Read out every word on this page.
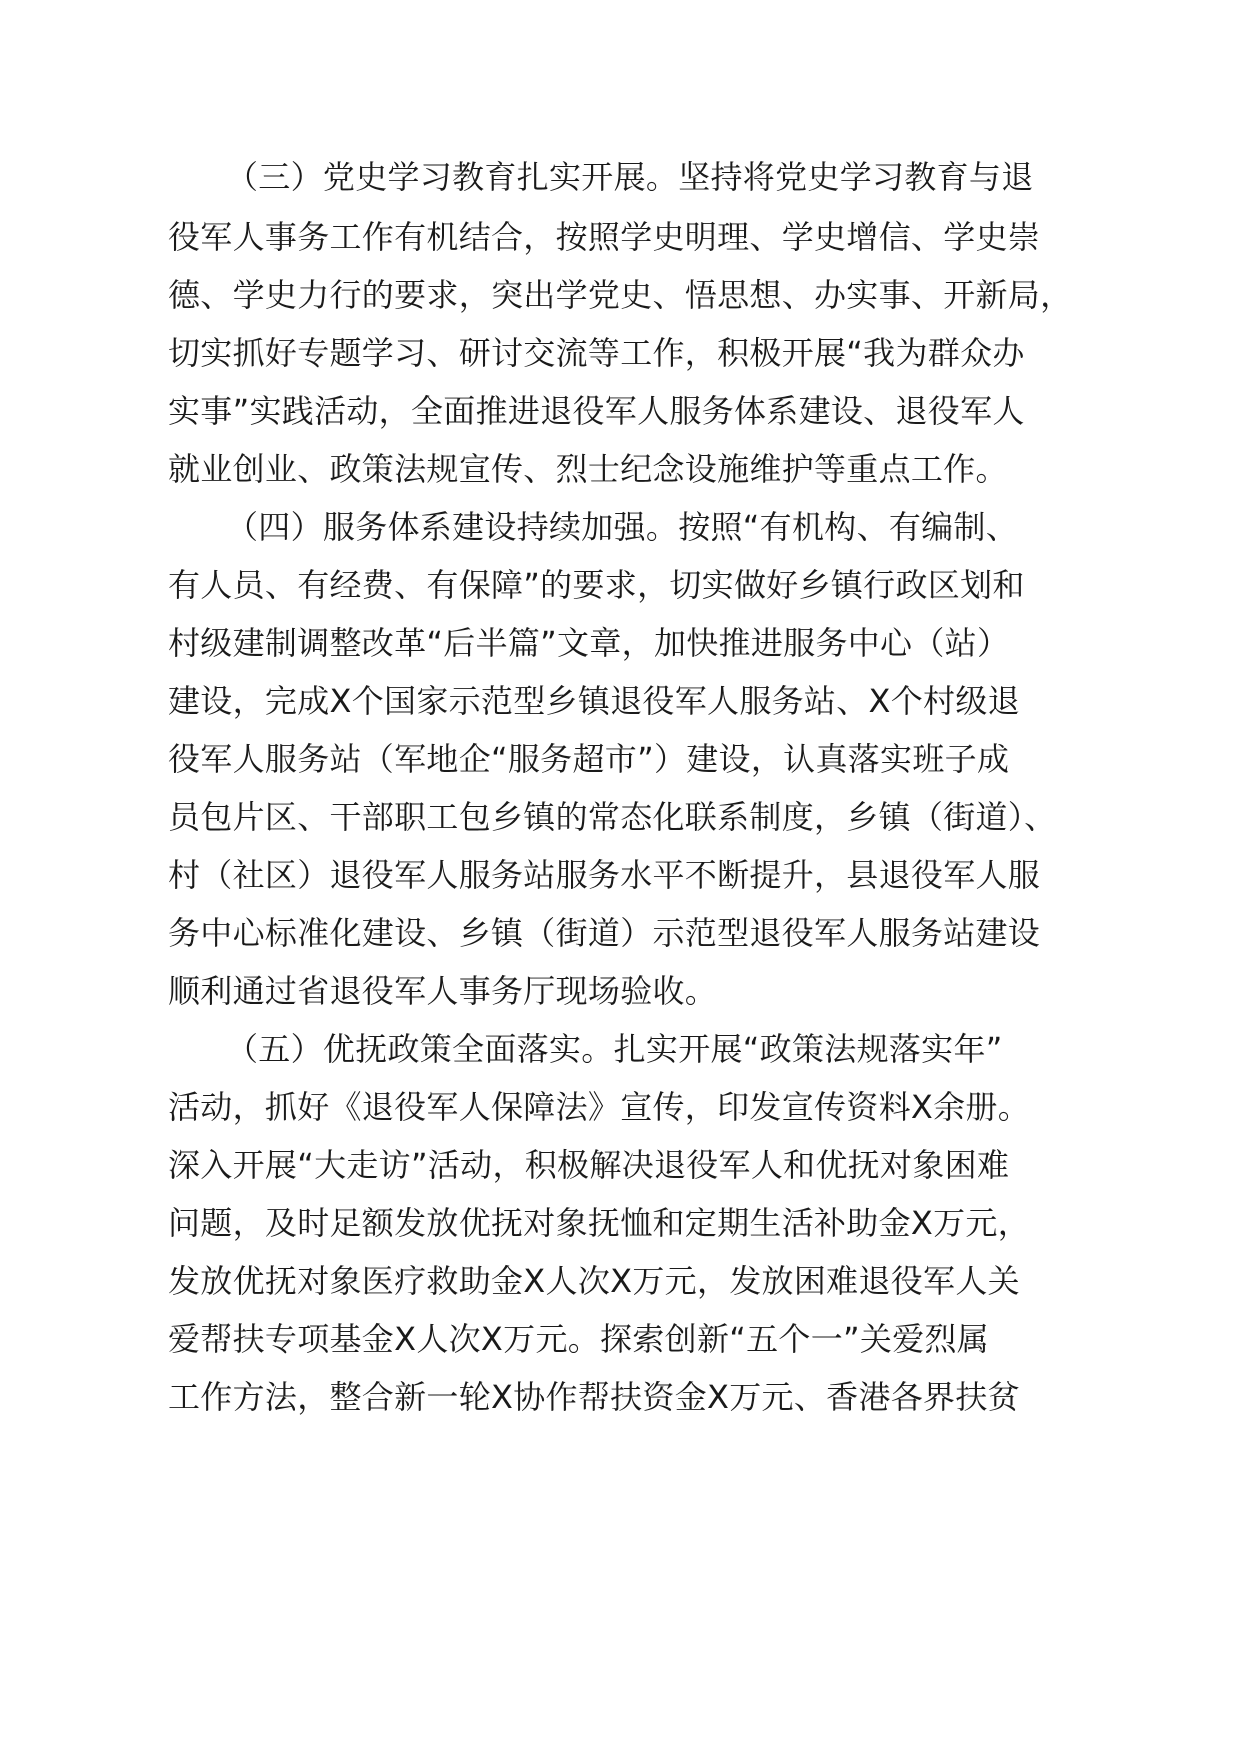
（三）党史学习教育扎实开展。坚持将党史学习教育与退
役军人事务工作有机结合，按照学史明理、学史增信、学史崇
德、学史力行的要求，突出学党史、悟思想、办实事、开新局，
切实抓好专题学习、研讨交流等工作，积极开展“我为群众办
实事”实践活动，全面推进退役军人服务体系建设、退役军人
就业创业、政策法规宣传、烈士纪念设施维护等重点工作。
（四）服务体系建设持续加强。按照“有机构、有编制、
有人员、有经费、有保障”的要求，切实做好乡镇行政区划和
村级建制调整改革“后半篇”文章，加快推进服务中心（站）
建设，完成X个国家示范型乡镇退役军人服务站、X个村级退
役军人服务站（军地企“服务超市”）建设，认真落实班子成
员包片区、干部职工包乡镇的常态化联系制度，乡镇（街道）、
村（社区）退役军人服务站服务水平不断提升，县退役军人服
务中心标准化建设、乡镇（街道）示范型退役军人服务站建设
顺利通过省退役军人事务厅现场验收。
（五）优抚政策全面落实。扎实开展“政策法规落实年”
活动，抓好《退役军人保障法》宣传，印发宣传资料X余册。
深入开展“大走访”活动，积极解决退役军人和优抚对象困难
问题，及时足额发放优抚对象抚恤和定期生活补助金X万元，
发放优抚对象医疗救助金X人次X万元，发放困难退役军人关
爱帮扶专项基金X人次X万元。探索创新“五个一”关爱烈属
工作方法，整合新一轮X协作帮扶资金X万元、香港各界扶贫
